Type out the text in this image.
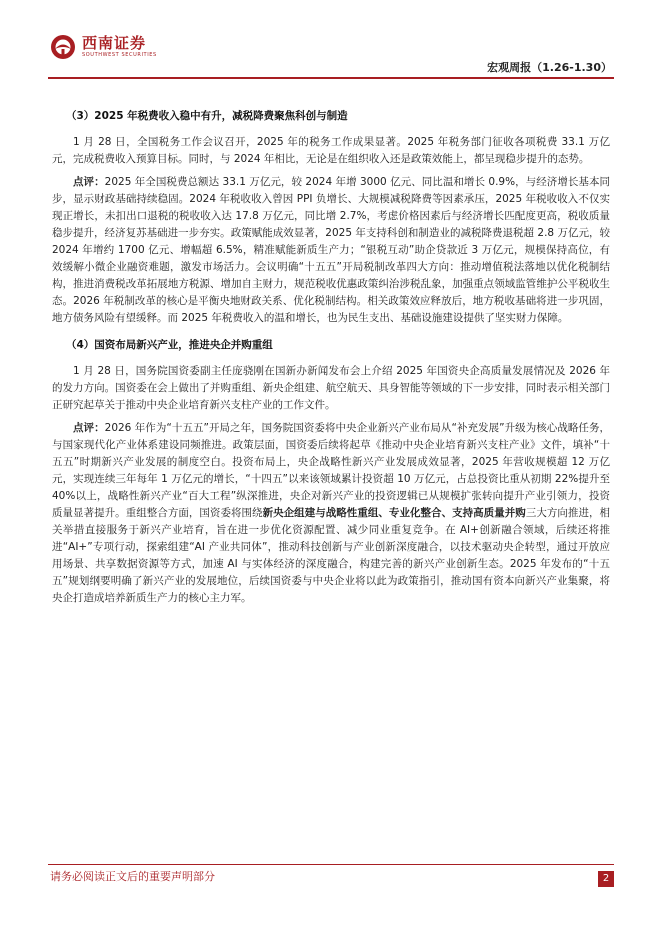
西南证券
SOUTHWEST SECURITIES
宏观周报（1.26-1.30）
（3）2025 年税费收入稳中有升，减税降费聚焦科创与制造

1 月 28 日，全国税务工作会议召开，2025 年的税务工作成果显著。2025 年税务部门征收各项税费 33.1 万亿元，完成税费收入预算目标。同时，与 2024 年相比，无论是在组织收入还是政策效能上，都呈现稳步提升的态势。

点评：2025 年全国税费总额达 33.1 万亿元，较 2024 年增 3000 亿元、同比温和增长 0.9%，与经济增长基本同步，显示财政基础持续稳固。2024 年税收收入曾因 PPI 负增长、大规模减税降费等因素承压，2025 年税收收入不仅实现正增长，未扣出口退税的税收收入达 17.8 万亿元，同比增 2.7%，考虑价格因素后与经济增长匹配度更高，税收质量稳步提升，经济复苏基础进一步夯实。政策赋能成效显著，2025 年支持科创和制造业的减税降费退税超 2.8 万亿元，较 2024 年增约 1700 亿元、增幅超 6.5%，精准赋能新质生产力；“银税互动”助企贷款近 3 万亿元，规模保持高位，有效缓解小微企业融资难题，激发市场活力。会议明确“十五五”开局税制改革四大方向：推动增值税法落地以优化税制结构，推进消费税改革拓展地方税源、增加自主财力，规范税收优惠政策纠治涉税乱象，加强重点领域监管维护公平税收生态。2026 年税制改革的核心是平衡央地财政关系、优化税制结构。相关政策效应释放后，地方税收基础将进一步巩固，地方债务风险有望缓释。而 2025 年税费收入的温和增长，也为民生支出、基础设施建设提供了坚实财力保障。

（4）国资布局新兴产业，推进央企并购重组

1 月 28 日，国务院国资委副主任庞骁刚在国新办新闻发布会上介绍 2025 年国资央企高质量发展情况及 2026 年的发力方向。国资委在会上做出了并购重组、新央企组建、航空航天、具身智能等领域的下一步安排，同时表示相关部门正研究起草关于推动中央企业培育新兴支柱产业的工作文件。

点评：2026 年作为“十五五”开局之年，国务院国资委将中央企业新兴产业布局从“补充发展”升级为核心战略任务，与国家现代化产业体系建设同频推进。政策层面，国资委后续将起草《推动中央企业培育新兴支柱产业》文件，填补“十五五”时期新兴产业发展的制度空白。投资布局上，央企战略性新兴产业发展成效显著，2025 年营收规模超 12 万亿元，实现连续三年每年 1 万亿元的增长，“十四五”以来该领域累计投资超 10 万亿元，占总投资比重从初期 22%提升至 40%以上，战略性新兴产业“百大工程”纵深推进，央企对新兴产业的投资逻辑已从规模扩张转向提升产业引领力，投资质量显著提升。重组整合方面，国资委将围绕新央企组建与战略性重组、专业化整合、支持高质量并购三大方向推进，相关举措直接服务于新兴产业培育，旨在进一步优化资源配置、减少同业重复竞争。在 AI+创新融合领域，后续还将推进“AI+”专项行动，探索组建“AI 产业共同体”，推动科技创新与产业创新深度融合，以技术驱动央企转型，通过开放应用场景、共享数据资源等方式，加速 AI 与实体经济的深度融合，构建完善的新兴产业创新生态。2025 年发布的“十五五”规划纲要明确了新兴产业的发展地位，后续国资委与中央企业将以此为政策指引，推动国有资本向新兴产业集聚，将央企打造成培养新质生产力的核心主力军。

请务必阅读正文后的重要声明部分	2
